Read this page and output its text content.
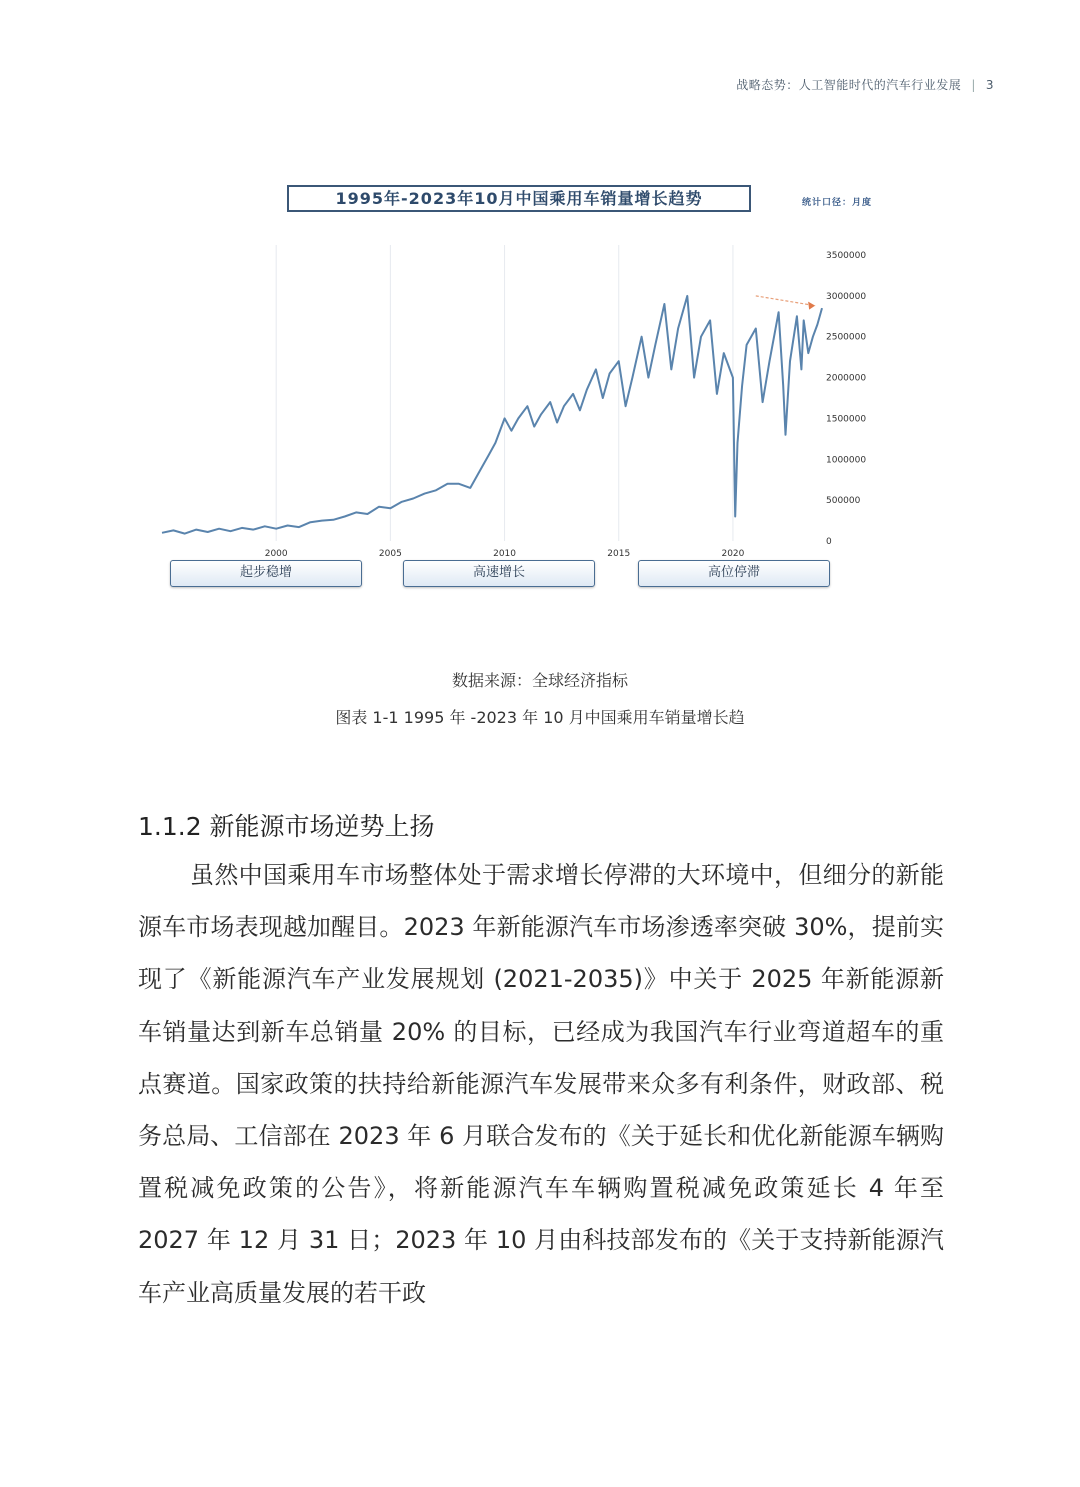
战略态势：人工智能时代的汽车行业发展 | 3
2000	2005	2010	2015	2020
3500000
3000000
2500000
2000000
1500000
1000000
500000
0
1995年-2023年10月中国乘用车销量增长趋势	统计口径：月度
起步稳增	高速增长	高位停滞
数据来源：全球经济指标
图表 1-1 1995 年 -2023 年 10 月中国乘用车销量增长趋
1.1.2 新能源市场逆势上扬

虽然中国乘用车市场整体处于需求增长停滞的大环境中，但细分的新能源车市场表现越加醒目。2023 年新能源汽车市场渗透率突破 30%，提前实现了《新能源汽车产业发展规划 (2021-2035)》中关于 2025 年新能源新车销量达到新车总销量 20% 的目标，已经成为我国汽车行业弯道超车的重点赛道。国家政策的扶持给新能源汽车发展带来众多有利条件，财政部、税务总局、工信部在 2023 年 6 月联合发布的《关于延长和优化新能源车辆购置税减免政策的公告》，将新能源汽车车辆购置税减免政策延长 4 年至 2027 年 12 月 31 日；2023 年 10 月由科技部发布的《关于支持新能源汽车产业高质量发展的若干政
